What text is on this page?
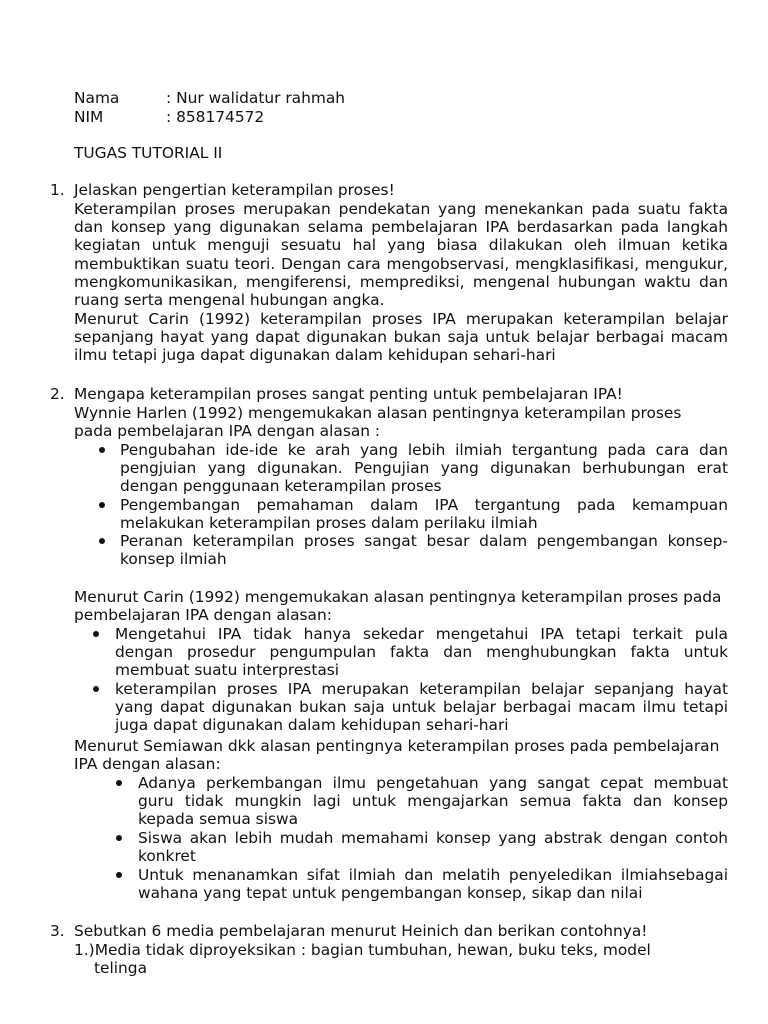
Nama	: Nur walidatur rahmah
NIM	: 858174572
TUGAS TUTORIAL II
1. Jelaskan pengertian keterampilan proses!
Keterampilan proses merupakan pendekatan yang menekankan pada suatu fakta
dan konsep yang digunakan selama pembelajaran IPA berdasarkan pada langkah
kegiatan untuk menguji sesuatu hal yang biasa dilakukan oleh ilmuan ketika
membuktikan suatu teori. Dengan cara mengobservasi, mengklasifikasi, mengukur,
mengkomunikasikan, mengiferensi, memprediksi, mengenal hubungan waktu dan
ruang serta mengenal hubungan angka.
Menurut Carin (1992) keterampilan proses IPA merupakan keterampilan belajar
sepanjang hayat yang dapat digunakan bukan saja untuk belajar berbagai macam
ilmu tetapi juga dapat digunakan dalam kehidupan sehari-hari
2. Mengapa keterampilan proses sangat penting untuk pembelajaran IPA!
Wynnie Harlen (1992) mengemukakan alasan pentingnya keterampilan proses
pada pembelajaran IPA dengan alasan :
Pengubahan ide-ide ke arah yang lebih ilmiah tergantung pada cara dan
pengjuian yang digunakan. Pengujian yang digunakan berhubungan erat
dengan penggunaan keterampilan proses
Pengembangan pemahaman dalam IPA tergantung pada kemampuan
melakukan keterampilan proses dalam perilaku ilmiah
Peranan keterampilan proses sangat besar dalam pengembangan konsep-
konsep ilmiah
Menurut Carin (1992) mengemukakan alasan pentingnya keterampilan proses pada
pembelajaran IPA dengan alasan:
Mengetahui IPA tidak hanya sekedar mengetahui IPA tetapi terkait pula
dengan prosedur pengumpulan fakta dan menghubungkan fakta untuk
membuat suatu interprestasi
keterampilan proses IPA merupakan keterampilan belajar sepanjang hayat
yang dapat digunakan bukan saja untuk belajar berbagai macam ilmu tetapi
juga dapat digunakan dalam kehidupan sehari-hari
Menurut Semiawan dkk alasan pentingnya keterampilan proses pada pembelajaran
IPA dengan alasan:
Adanya perkembangan ilmu pengetahuan yang sangat cepat membuat
guru tidak mungkin lagi untuk mengajarkan semua fakta dan konsep
kepada semua siswa
Siswa akan lebih mudah memahami konsep yang abstrak dengan contoh
konkret
Untuk menanamkan sifat ilmiah dan melatih penyeledikan ilmiahsebagai
wahana yang tepat untuk pengembangan konsep, sikap dan nilai
3. Sebutkan 6 media pembelajaran menurut Heinich dan berikan contohnya!
1.)Media tidak diproyeksikan : bagian tumbuhan, hewan, buku teks, model
telinga
